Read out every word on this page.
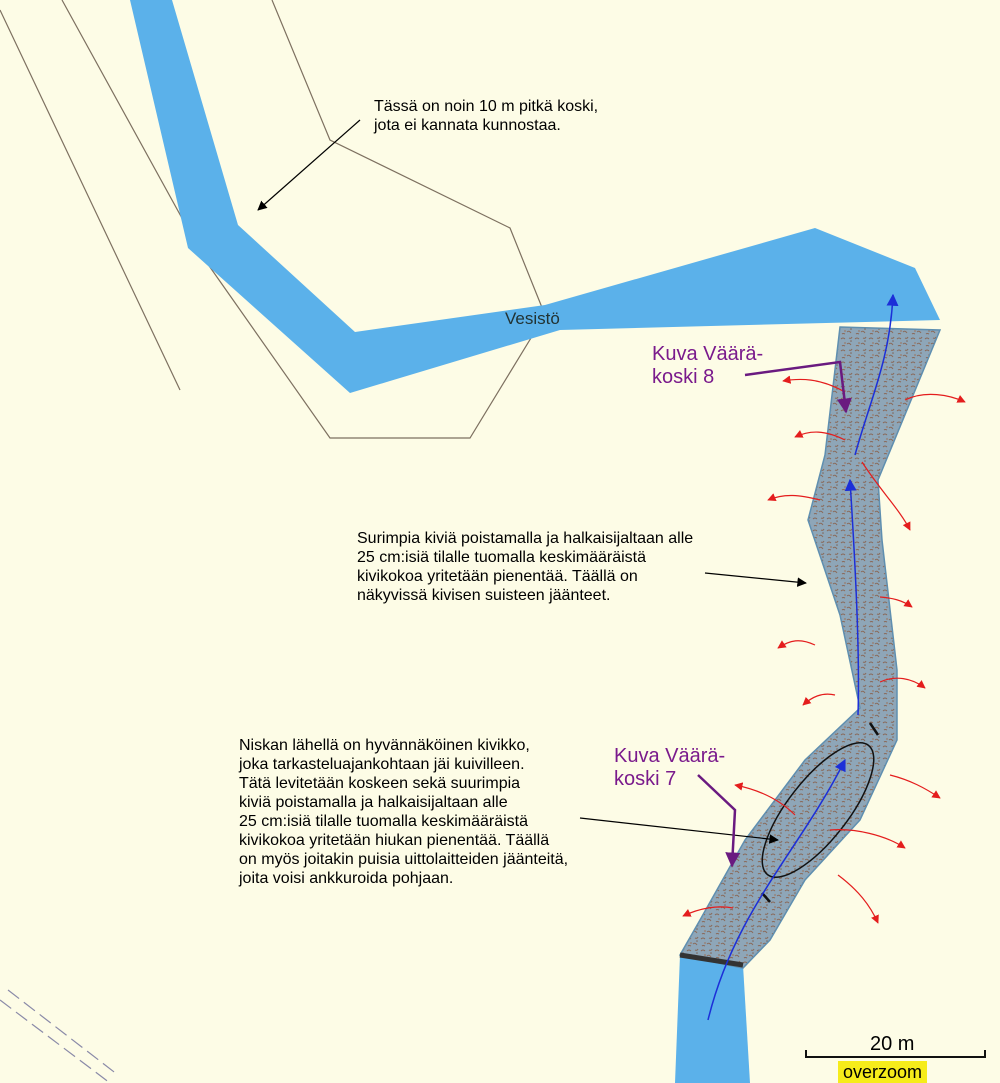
Vesistö
Tässä on noin 10 m pitkä koski,
jota ei kannata kunnostaa.
Surimpia kiviä poistamalla ja halkaisijaltaan alle
25 cm:isiä tilalle tuomalla keskimääräistä
kivikokoa yritetään pienentää. Täällä on
näkyvissä kivisen suisteen jäänteet.
Niskan lähellä on hyvännäköinen kivikko,
joka tarkasteluajankohtaan jäi kuivilleen.
Tätä levitetään koskeen sekä suurimpia
kiviä poistamalla ja halkaisijaltaan alle
25 cm:isiä tilalle tuomalla keskimääräistä
kivikokoa yritetään hiukan pienentää. Täällä
on myös joitakin puisia uittolaitteiden jäänteitä,
joita voisi ankkuroida pohjaan.
Kuva Väärä-
koski 8
Kuva Väärä-
koski 7
20 m
overzoom
